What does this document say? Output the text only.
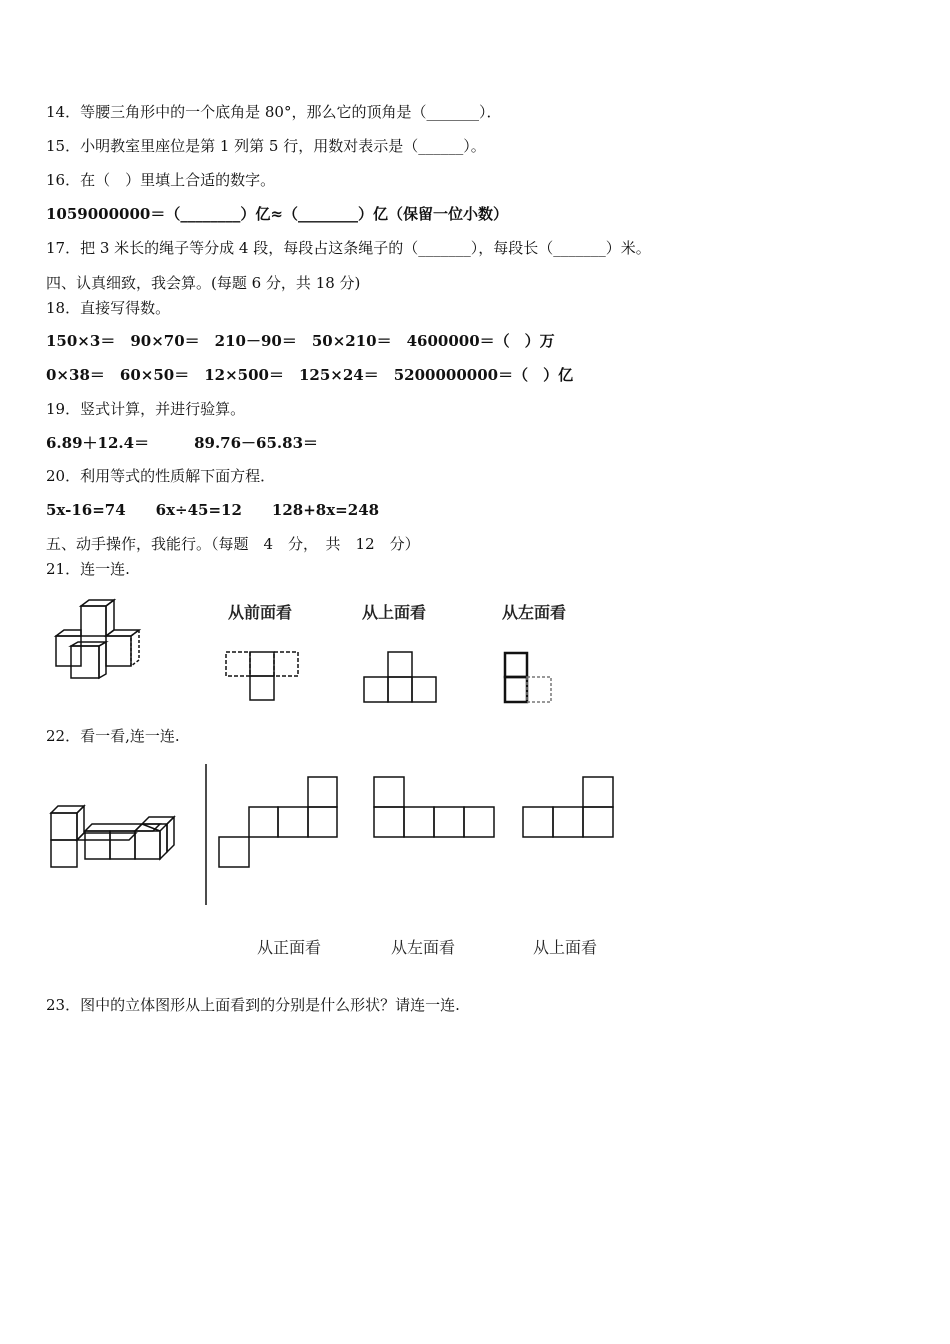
14．等腰三角形中的一个底角是 80°，那么它的顶角是（_______）．
15．小明教室里座位是第 1 列第 5 行，用数对表示是（______）。
16．在（　）里填上合适的数字。
1059000000＝（________）亿≈（________）亿（保留一位小数）
17．把 3 米长的绳子等分成 4 段，每段占这条绳子的（_______），每段长（_______）米。
四、认真细致，我会算。(每题 6 分，共 18 分)
18．直接写得数。
150×3＝　90×70＝　210－90＝　50×210＝　4600000＝（　）万
0×38＝　60×50＝　12×500＝　125×24＝　5200000000＝（　）亿
19．竖式计算，并进行验算。
6.89＋12.4＝　　　89.76－65.83＝
20．利用等式的性质解下面方程．
5x-16=74　　6x÷45=12　　128+8x=248
五、动手操作，我能行。（每题　4　分，　共　12　分）
21．连一连.
从前面看	从上面看	从左面看
22．看一看,连一连.
从正面看	从左面看	从上面看
23．图中的立体图形从上面看到的分别是什么形状？请连一连.
